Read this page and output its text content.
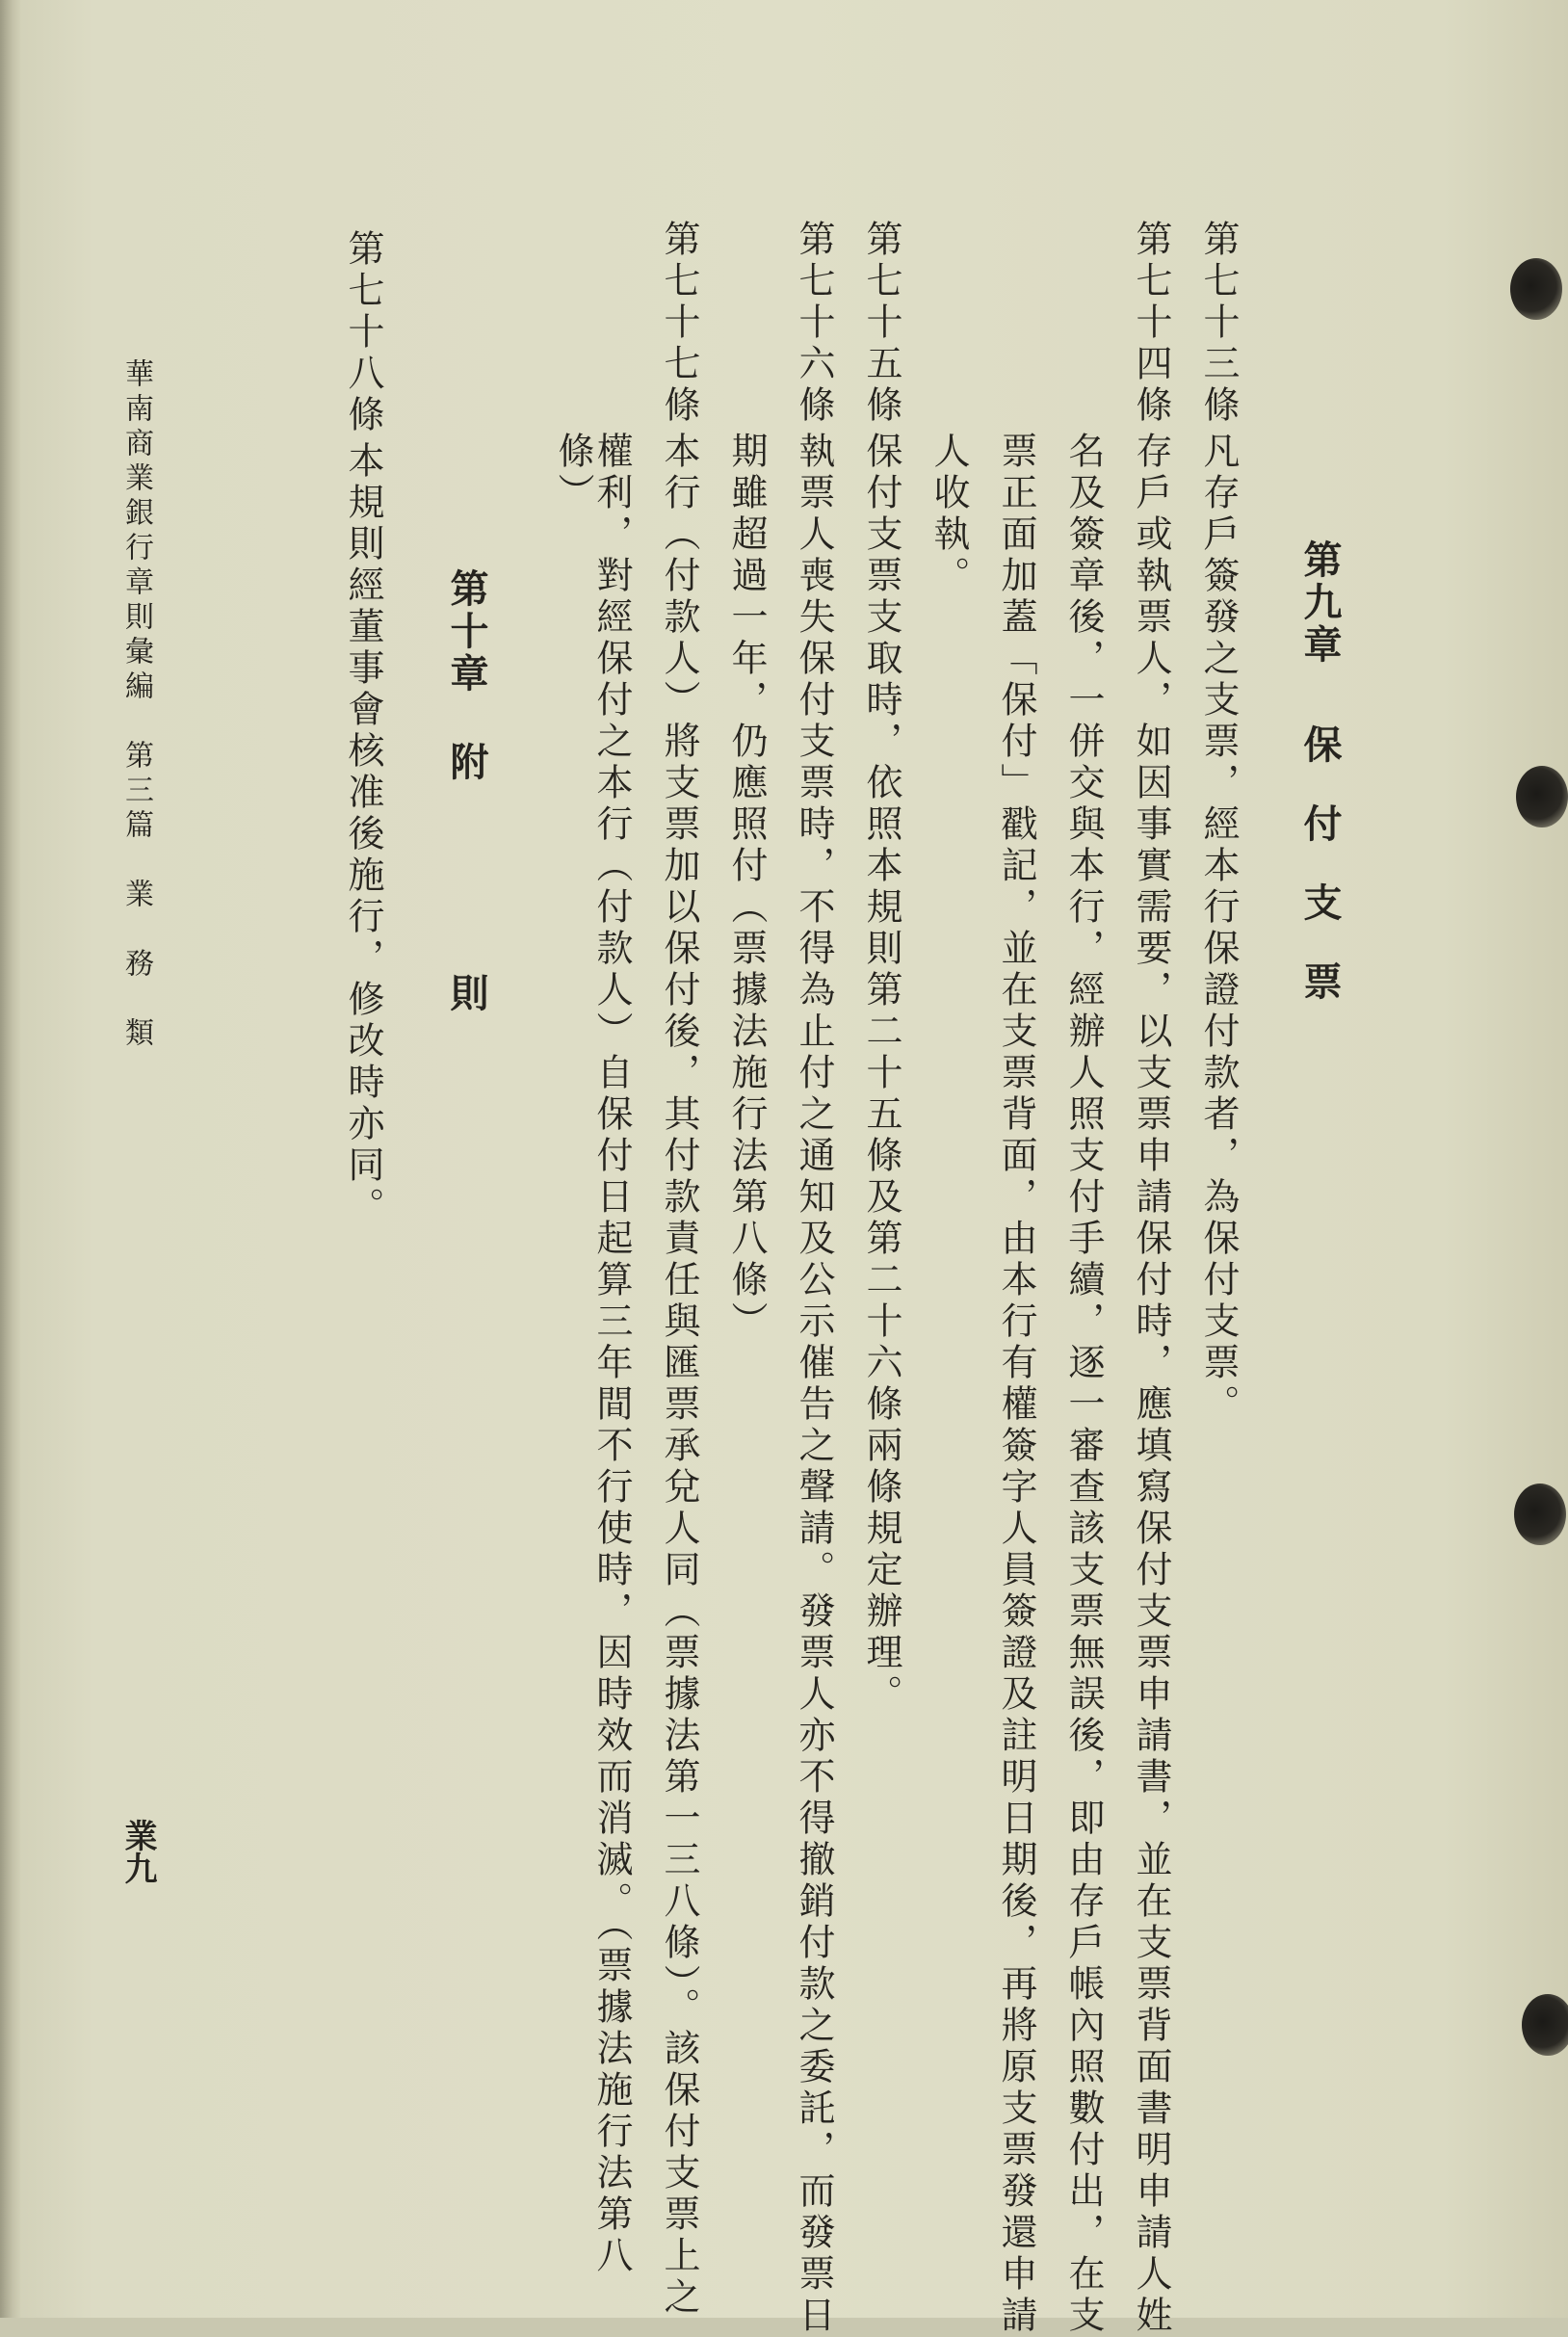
第九章
保付支票
第七十三條
凡存戶簽發之支票，經本行保證付款者，為保付支票。
第七十四條
存戶或執票人，如因事實需要，以支票申請保付時，應填寫保付支票申請書，並在支票背面書明申請人姓
名及簽章後，一併交與本行，經辦人照支付手續，逐一審查該支票無誤後，即由存戶帳內照數付出，在支
票正面加蓋「保付」戳記，並在支票背面，由本行有權簽字人員簽證及註明日期後，再將原支票發還申請
人收執。
第七十五條
保付支票支取時，依照本規則第二十五條及第二十六條兩條規定辦理。
第七十六條
執票人喪失保付支票時，不得為止付之通知及公示催告之聲請。發票人亦不得撤銷付款之委託，而發票日
期雖超過一年，仍應照付（票據法施行法第八條）
第七十七條
本行（付款人）將支票加以保付後，其付款責任與匯票承兌人同（票據法第一三八條）。該保付支票上之
權利，對經保付之本行（付款人）自保付日起算三年間不行使時，因時效而消滅。（票據法施行法第八
條）
第十章
附則
第七十八條
本規則經董事會核准後施行，修改時亦同。
華南商業銀行章則彙編　第三篇　業　務　類
業九
